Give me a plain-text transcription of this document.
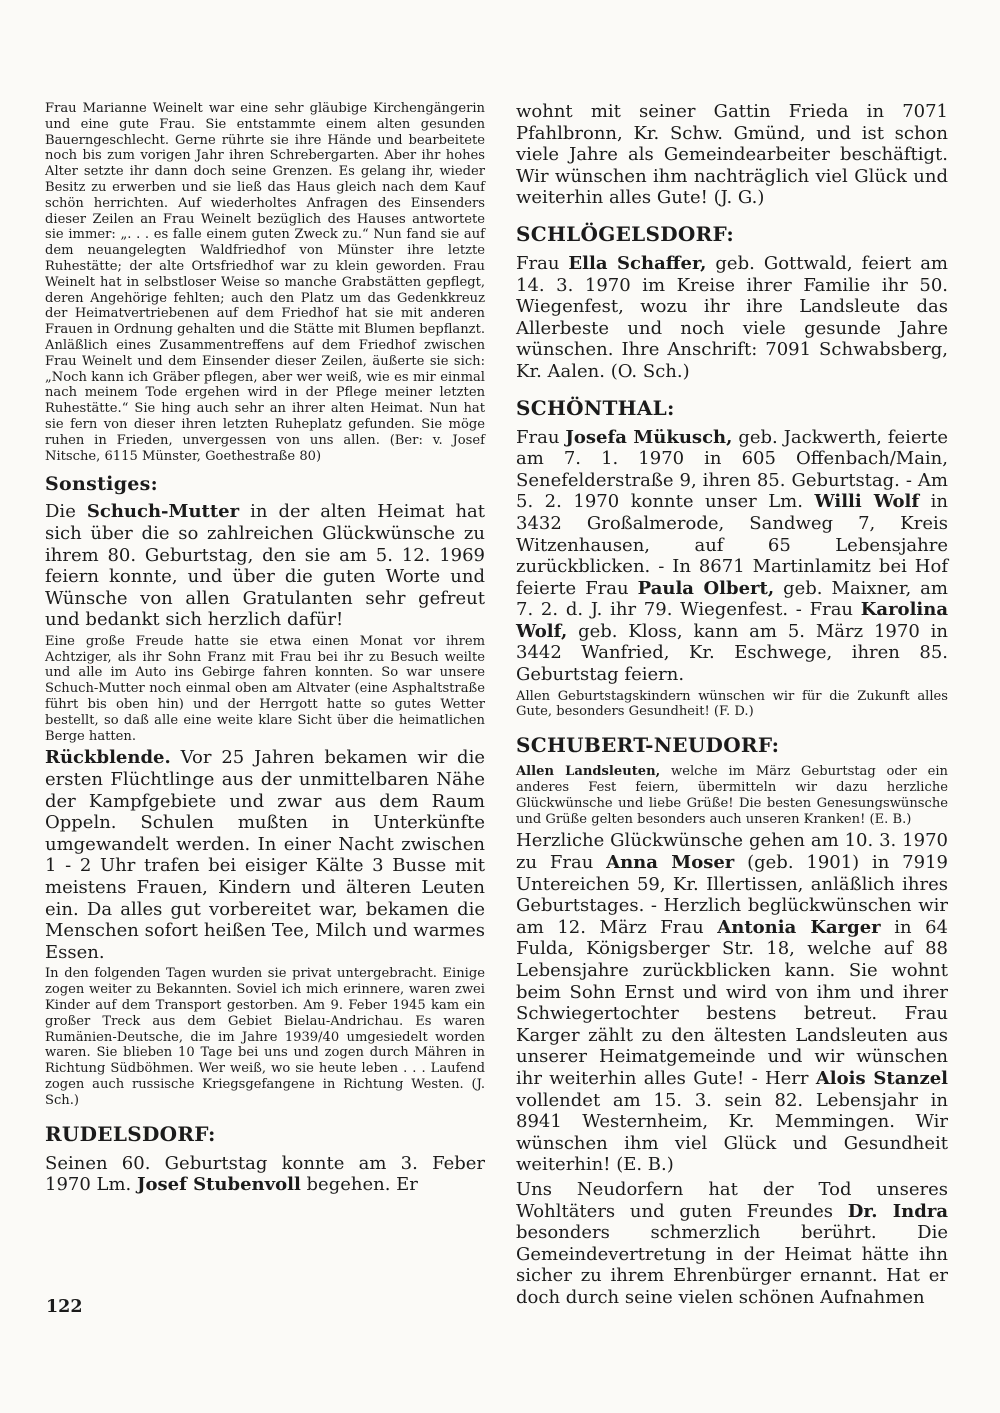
Frau Marianne Weinelt war eine sehr gläubige Kirchengängerin und eine gute Frau. Sie entstammte einem alten gesunden Bauerngeschlecht. Gerne rührte sie ihre Hände und bearbeitete noch bis zum vorigen Jahr ihren Schrebergarten. Aber ihr hohes Alter setzte ihr dann doch seine Grenzen. Es gelang ihr, wieder Besitz zu erwerben und sie ließ das Haus gleich nach dem Kauf schön herrichten. Auf wiederholtes Anfragen des Einsenders dieser Zeilen an Frau Weinelt bezüglich des Hauses antwortete sie immer: „. . . es falle einem guten Zweck zu.“ Nun fand sie auf dem neuangelegten Waldfriedhof von Münster ihre letzte Ruhestätte; der alte Ortsfriedhof war zu klein geworden. Frau Weinelt hat in selbstloser Weise so manche Grabstätten gepflegt, deren Angehörige fehlten; auch den Platz um das Gedenkkreuz der Heimatvertriebenen auf dem Friedhof hat sie mit anderen Frauen in Ordnung gehalten und die Stätte mit Blumen bepflanzt. Anläßlich eines Zusammentreffens auf dem Friedhof zwischen Frau Weinelt und dem Einsender dieser Zeilen, äußerte sie sich: „Noch kann ich Gräber pflegen, aber wer weiß, wie es mir einmal nach meinem Tode ergehen wird in der Pflege meiner letzten Ruhestätte.“ Sie hing auch sehr an ihrer alten Heimat. Nun hat sie fern von dieser ihren letzten Ruheplatz gefunden. Sie möge ruhen in Frieden, unvergessen von uns allen. (Ber: v. Josef Nitsche, 6115 Münster, Goethestraße 80)

Sonstiges:

Die Schuch-Mutter in der alten Heimat hat sich über die so zahlreichen Glückwünsche zu ihrem 80. Geburtstag, den sie am 5. 12. 1969 feiern konnte, und über die guten Worte und Wünsche von allen Gratulanten sehr gefreut und bedankt sich herzlich dafür!

Eine große Freude hatte sie etwa einen Monat vor ihrem Achtziger, als ihr Sohn Franz mit Frau bei ihr zu Besuch weilte und alle im Auto ins Gebirge fahren konnten. So war unsere Schuch-Mutter noch einmal oben am Altvater (eine Asphaltstraße führt bis oben hin) und der Herrgott hatte so gutes Wetter bestellt, so daß alle eine weite klare Sicht über die heimatlichen Berge hatten.

Rückblende. Vor 25 Jahren bekamen wir die ersten Flüchtlinge aus der unmittelbaren Nähe der Kampfgebiete und zwar aus dem Raum Oppeln. Schulen mußten in Unterkünfte umgewandelt werden. In einer Nacht zwischen 1 - 2 Uhr trafen bei eisiger Kälte 3 Busse mit meistens Frauen, Kindern und älteren Leuten ein. Da alles gut vorbereitet war, bekamen die Menschen sofort heißen Tee, Milch und warmes Essen.

In den folgenden Tagen wurden sie privat untergebracht. Einige zogen weiter zu Bekannten. Soviel ich mich erinnere, waren zwei Kinder auf dem Transport gestorben. Am 9. Feber 1945 kam ein großer Treck aus dem Gebiet Bielau-Andrichau. Es waren Rumänien-Deutsche, die im Jahre 1939/40 umgesiedelt worden waren. Sie blieben 10 Tage bei uns und zogen durch Mähren in Richtung Südböhmen. Wer weiß, wo sie heute leben . . . Laufend zogen auch russische Kriegsgefangene in Richtung Westen. (J. Sch.)

RUDELSDORF:

Seinen 60. Geburtstag konnte am 3. Feber 1970 Lm. Josef Stubenvoll begehen. Er

wohnt mit seiner Gattin Frieda in 7071 Pfahlbronn, Kr. Schw. Gmünd, und ist schon viele Jahre als Gemeindearbeiter beschäftigt. Wir wünschen ihm nachträglich viel Glück und weiterhin alles Gute! (J. G.)

SCHLÖGELSDORF:

Frau Ella Schaffer, geb. Gottwald, feiert am 14. 3. 1970 im Kreise ihrer Familie ihr 50. Wiegenfest, wozu ihr ihre Landsleute das Allerbeste und noch viele gesunde Jahre wünschen. Ihre Anschrift: 7091 Schwabsberg, Kr. Aalen. (O. Sch.)

SCHÖNTHAL:

Frau Josefa Mükusch, geb. Jackwerth, feierte am 7. 1. 1970 in 605 Offenbach/Main, Senefelderstraße 9, ihren 85. Geburtstag. - Am 5. 2. 1970 konnte unser Lm. Willi Wolf in 3432 Großalmerode, Sandweg 7, Kreis Witzenhausen, auf 65 Lebensjahre zurückblicken. - In 8671 Martinlamitz bei Hof feierte Frau Paula Olbert, geb. Maixner, am 7. 2. d. J. ihr 79. Wiegenfest. - Frau Karolina Wolf, geb. Kloss, kann am 5. März 1970 in 3442 Wanfried, Kr. Eschwege, ihren 85. Geburtstag feiern.

Allen Geburtstagskindern wünschen wir für die Zukunft alles Gute, besonders Gesundheit! (F. D.)

SCHUBERT-NEUDORF:

Allen Landsleuten, welche im März Geburtstag oder ein anderes Fest feiern, übermitteln wir dazu herzliche Glückwünsche und liebe Grüße! Die besten Genesungswünsche und Grüße gelten besonders auch unseren Kranken! (E. B.)

Herzliche Glückwünsche gehen am 10. 3. 1970 zu Frau Anna Moser (geb. 1901) in 7919 Untereichen 59, Kr. Illertissen, anläßlich ihres Geburtstages. - Herzlich beglückwünschen wir am 12. März Frau Antonia Karger in 64 Fulda, Königsberger Str. 18, welche auf 88 Lebensjahre zurückblicken kann. Sie wohnt beim Sohn Ernst und wird von ihm und ihrer Schwiegertochter bestens betreut. Frau Karger zählt zu den ältesten Landsleuten aus unserer Heimatgemeinde und wir wünschen ihr weiterhin alles Gute! - Herr Alois Stanzel vollendet am 15. 3. sein 82. Lebensjahr in 8941 Westernheim, Kr. Memmingen. Wir wünschen ihm viel Glück und Gesundheit weiterhin! (E. B.)

Uns Neudorfern hat der Tod unseres Wohltäters und guten Freundes Dr. Indra besonders schmerzlich berührt. Die Gemeindevertretung in der Heimat hätte ihn sicher zu ihrem Ehrenbürger ernannt. Hat er doch durch seine vielen schönen Aufnahmen

122
